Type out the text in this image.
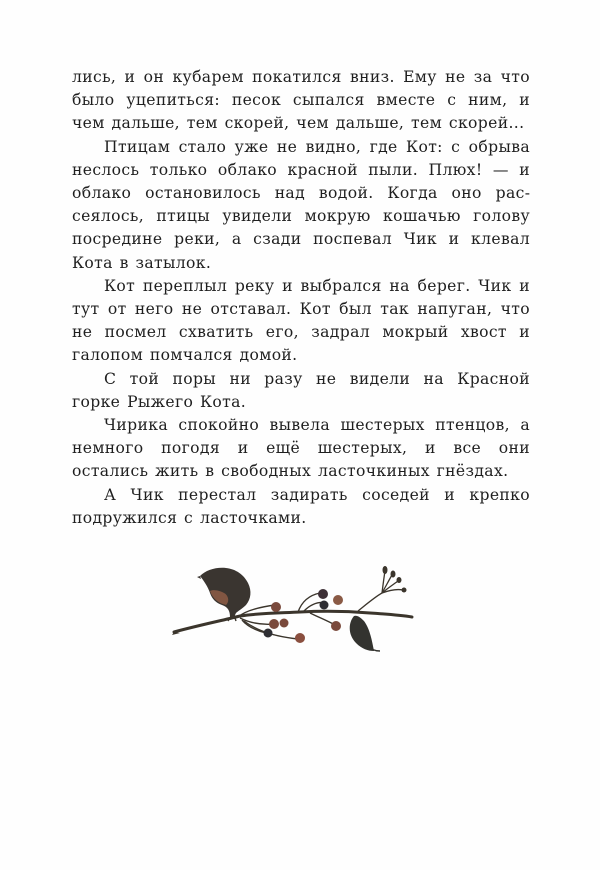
лись, и он кубарем покатился вниз. Ему не за что было уцепиться: песок сыпался вместе с ним, и чем дальше, тем скорей, чем дальше, тем скорей...

Птицам стало уже не видно, где Кот: с обрыва неслось только облако красной пыли. Плюх! — и облако остановилось над водой. Когда оно рассеялось, птицы увидели мокрую кошачью голову посредине реки, а сзади поспевал Чик и клевал Кота в затылок.

Кот переплыл реку и выбрался на берег. Чик и тут от него не отставал. Кот был так напуган, что не посмел схватить его, задрал мокрый хвост и галопом помчался домой.

С той поры ни разу не видели на Красной горке Рыжего Кота.

Чирика спокойно вывела шестерых птенцов, а немного погодя и ещё шестерых, и все они остались жить в свободных ласточкиных гнёздах.

А Чик перестал задирать соседей и крепко подружился с ласточками.
